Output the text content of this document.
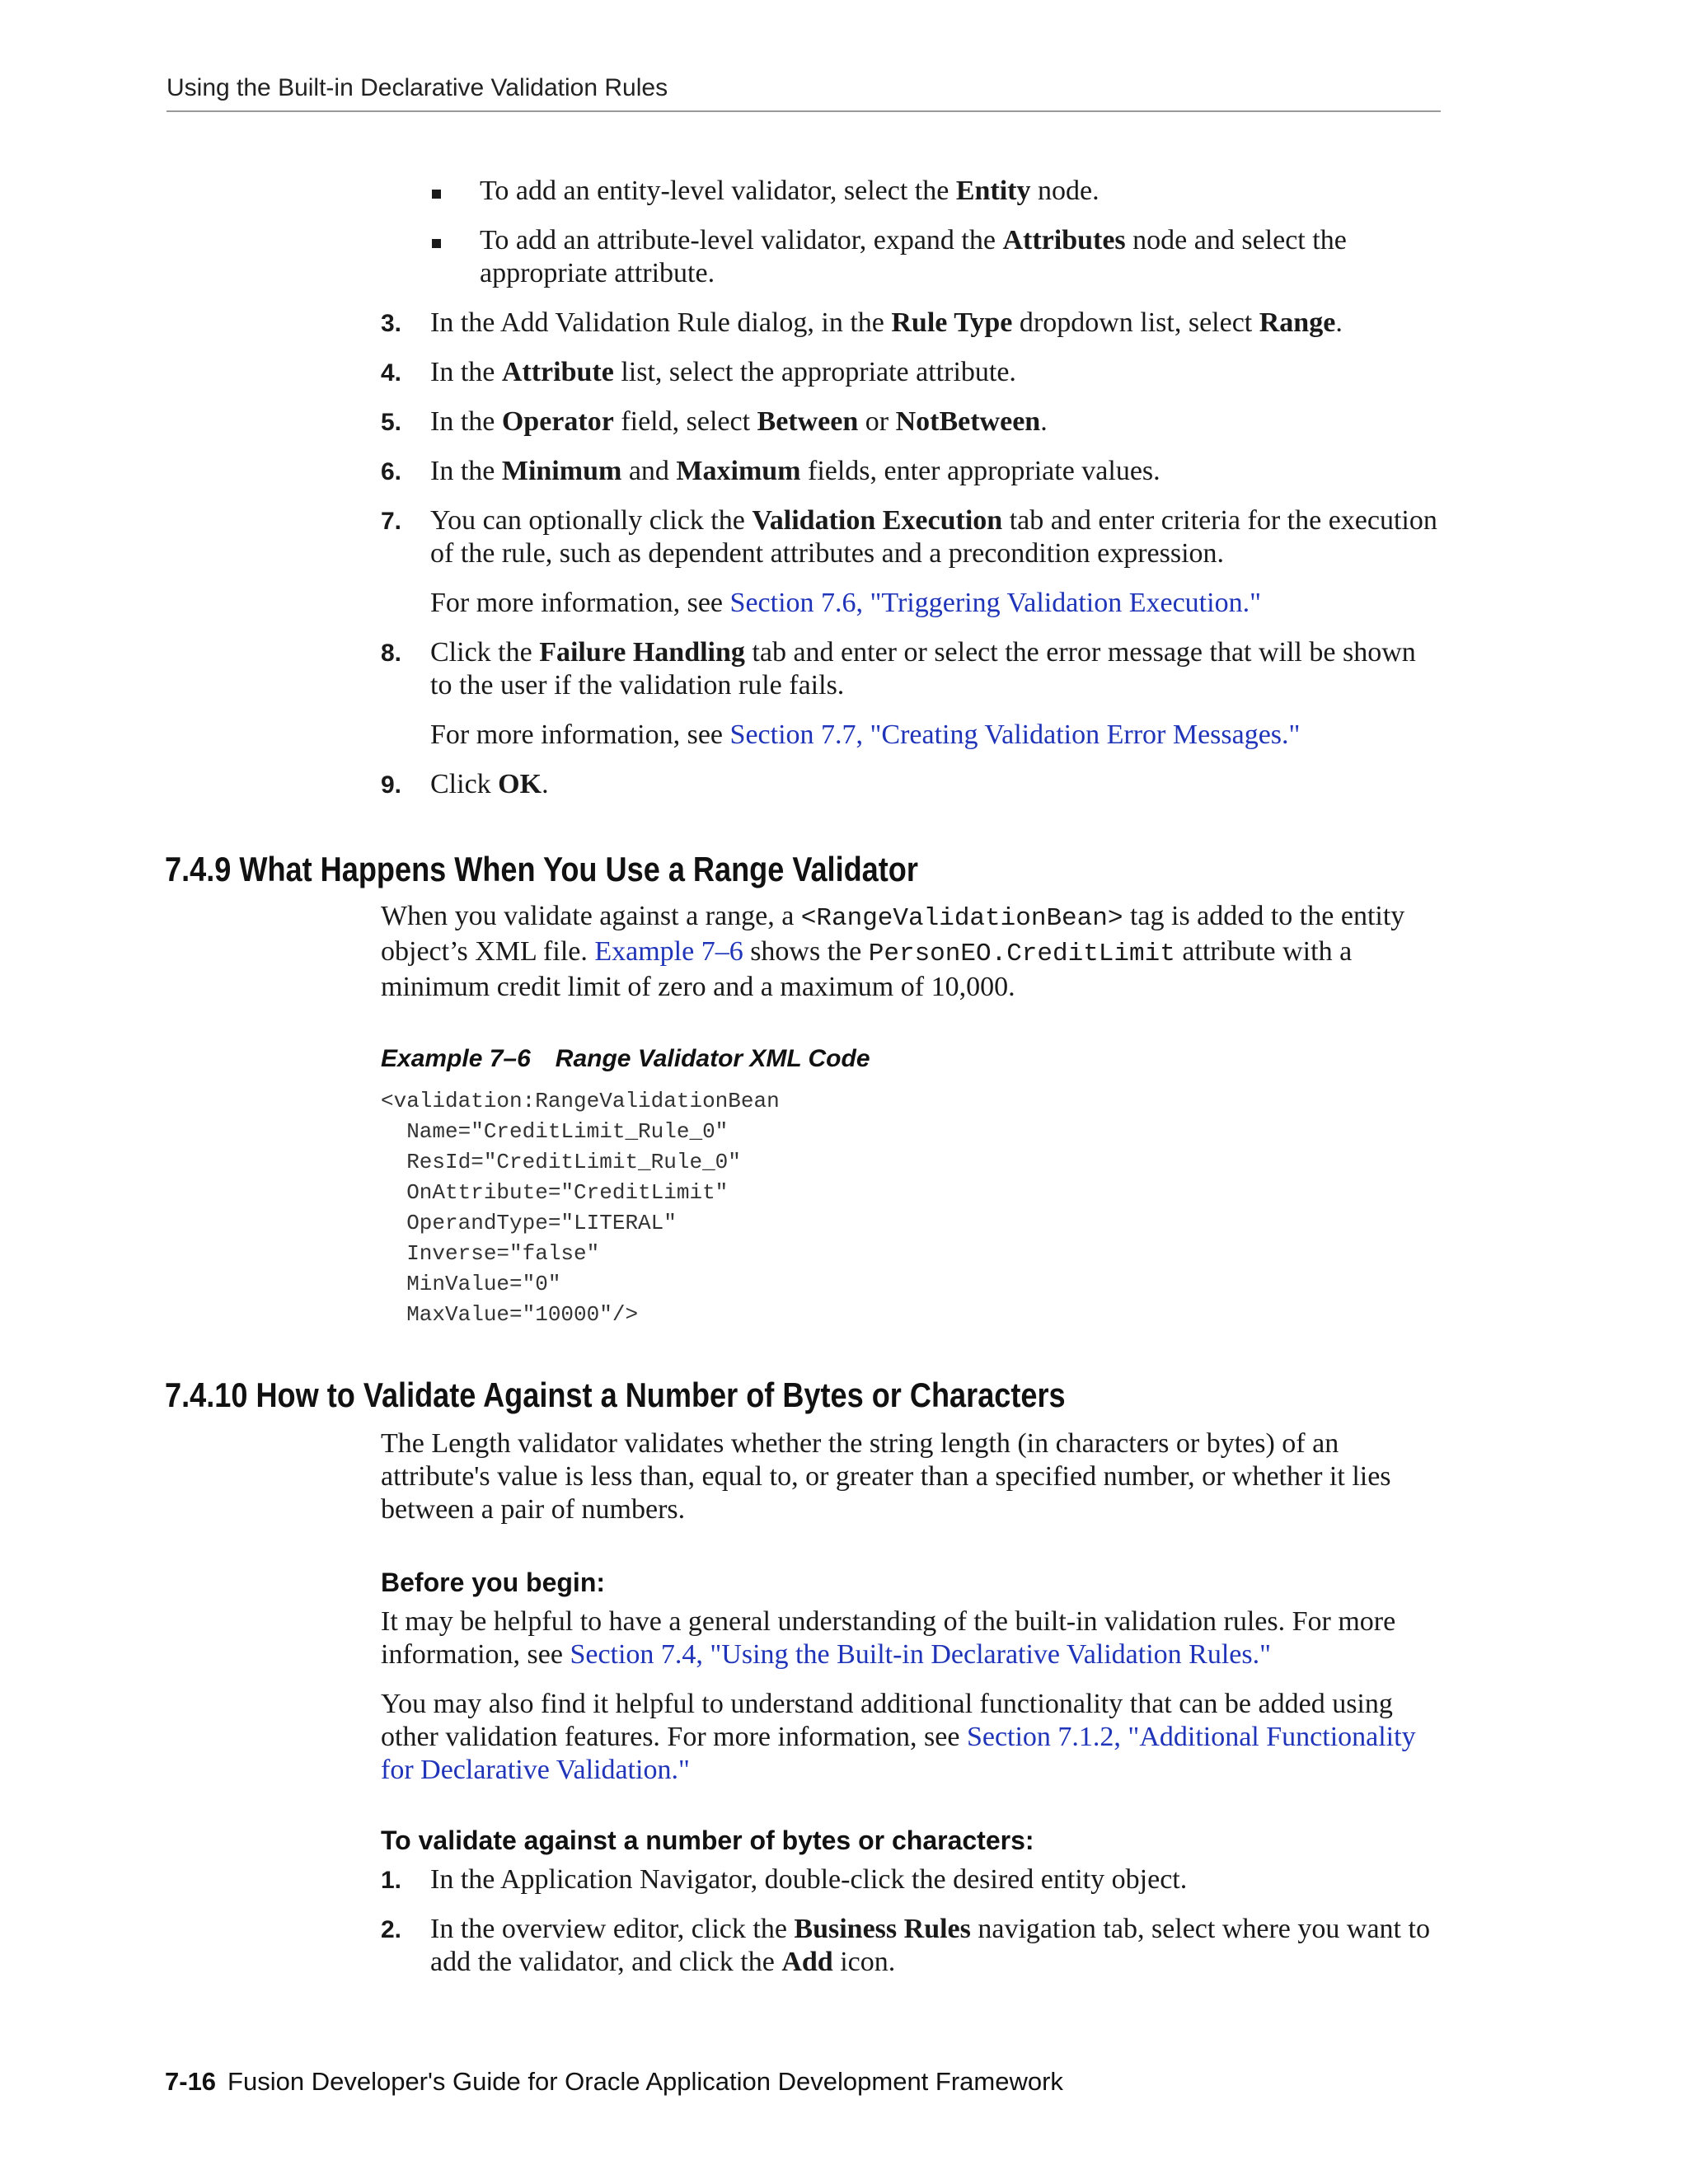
Using the Built-in Declarative Validation Rules
To add an entity-level validator, select the Entity node.
To add an attribute-level validator, expand the Attributes node and select the appropriate attribute.
3.	In the Add Validation Rule dialog, in the Rule Type dropdown list, select Range.
4.	In the Attribute list, select the appropriate attribute.
5.	In the Operator field, select Between or NotBetween.
6.	In the Minimum and Maximum fields, enter appropriate values.
7.	You can optionally click the Validation Execution tab and enter criteria for the execution of the rule, such as dependent attributes and a precondition expression.
For more information, see Section 7.6, "Triggering Validation Execution."
8.	Click the Failure Handling tab and enter or select the error message that will be shown to the user if the validation rule fails.
For more information, see Section 7.7, "Creating Validation Error Messages."
9.	Click OK.
7.4.9 What Happens When You Use a Range Validator
When you validate against a range, a <RangeValidationBean> tag is added to the entity object’s XML file. Example 7–6 shows the PersonEO.CreditLimit attribute with a minimum credit limit of zero and a maximum of 10,000.
Example 7–6 Range Validator XML Code
<validation:RangeValidationBean
Name="CreditLimit_Rule_0"
ResId="CreditLimit_Rule_0"
OnAttribute="CreditLimit"
OperandType="LITERAL"
Inverse="false"
MinValue="0"
MaxValue="10000"/>
7.4.10 How to Validate Against a Number of Bytes or Characters
The Length validator validates whether the string length (in characters or bytes) of an attribute's value is less than, equal to, or greater than a specified number, or whether it lies between a pair of numbers.
Before you begin:
It may be helpful to have a general understanding of the built-in validation rules. For more information, see Section 7.4, "Using the Built-in Declarative Validation Rules."
You may also find it helpful to understand additional functionality that can be added using other validation features. For more information, see Section 7.1.2, "Additional Functionality for Declarative Validation."
To validate against a number of bytes or characters:
1.	In the Application Navigator, double-click the desired entity object.
2.	In the overview editor, click the Business Rules navigation tab, select where you want to add the validator, and click the Add icon.
7-16 Fusion Developer's Guide for Oracle Application Development Framework
